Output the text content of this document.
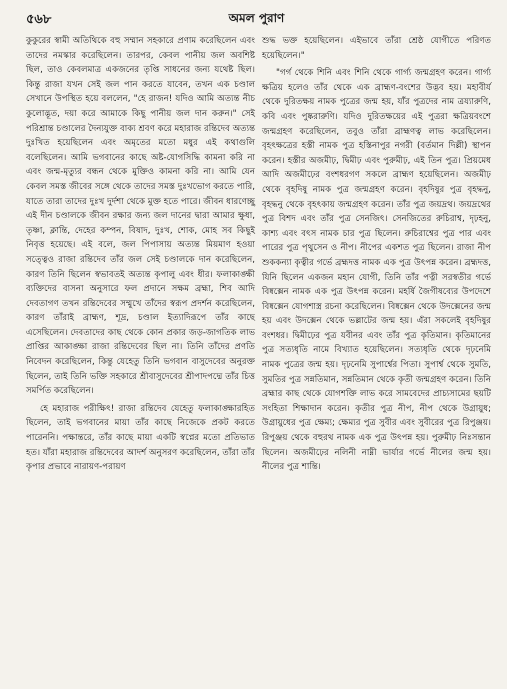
৫৬৮	অমল পুরাণ

কুকুরের স্বামী অতিথিকে বহু সম্মান সহকারে প্রণাম করেছিলেন এবং তাদের নমস্কার করেছিলেন। তারপর, কেবল পানীয় জল অবশিষ্ট ছিল, তাও কেবলমাত্র একজনের তৃপ্তি সাধনের জন্য যথেষ্ট ছিল। কিন্তু রাজা যখন সেই জল পান করতে যাবেন, তখন এক চণ্ডাল সেখানে উপস্থিত হয়ে বললেন, "হে রাজন! যদিও আমি অত্যন্ত নীচ কুলোদ্ভূত, দয়া করে আমাকে কিছু পানীয় জল দান করুন।" সেই পরিশ্রান্ত চণ্ডালের দৈন্যযুক্ত বাক্য শ্রবণ করে মহারাজ রন্তিদেব অত্যন্ত দুঃখিত হয়েছিলেন এবং অমৃতের মতো মধুর এই কথাগুলি বলেছিলেন। আমি ভগবানের কাছে অষ্ট-যোগসিদ্ধি কামনা করি না এবং জন্ম-মৃত্যুর বন্ধন থেকে মুক্তিও কামনা করি না। আমি যেন কেবল সমস্ত জীবের সঙ্গে থেকে তাদের সমস্ত দুঃখভোগ করতে পারি, যাতে তারা তাদের দুঃখ দুর্দশা থেকে মুক্ত হতে পারে। জীবন ধারণেচ্ছু এই দীন চণ্ডালকে জীবন রক্ষার জন্য জল দানের দ্বারা আমার ক্ষুধা, তৃষ্ণা, ক্লান্তি, দেহের কম্পন, বিষাদ, দুঃখ, শোক, মোহ সব কিছুই নিবৃত্ত হয়েছে। এই বলে, জল পিপাসায় অত্যন্ত মিয়মাণ হওয়া সত্ত্বেও রাজা রন্তিদেব তাঁর জল সেই চণ্ডালকে দান করেছিলেন, কারণ তিনি ছিলেন স্বভাবতই অত্যন্ত কৃপালু এবং ধীর। ফলাকাঙ্ক্ষী ব্যক্তিদের বাসনা অনুসারে ফল প্রদানে সক্ষম ব্রহ্মা, শিব আদি দেবতাগণ তখন রন্তিদেবের সম্মুখে তাঁদের স্বরূপ প্রদর্শন করেছিলেন, কারণ তাঁরাই ব্রাহ্মণ, শূদ্র, চণ্ডাল ইত্যাদিরূপে তাঁর কাছে এসেছিলেন। দেবতাদের কাছ থেকে কোন প্রকার জড়-জাগতিক লাভ প্রাপ্তির আকাঙ্ক্ষা রাজা রন্তিদেবের ছিল না। তিনি তাঁদের প্রণতি নিবেদন করেছিলেন, কিন্তু যেহেতু তিনি ভগবান বাসুদেবের অনুরক্ত ছিলেন, তাই তিনি ভক্তি সহকারে শ্রীবাসুদেবের শ্রীপাদপদ্মে তাঁর চিত্ত সমর্পিত করেছিলেন।

হে মহারাজ পরীক্ষিৎ! রাজা রন্তিদেব যেহেতু ফলাকাঙ্ক্ষারহিত ছিলেন, তাই ভগবানের মায়া তাঁর কাছে নিজেকে প্রকট করতে পারেননি। পক্ষান্তরে, তাঁর কাছে মায়া একটি স্বপ্নের মতো প্রতিভাত হত। যাঁরা মহারাজ রন্তিদেবের আদর্শ অনুসরণ করেছিলেন, তাঁরা তাঁর কৃপার প্রভাবে নারায়ণ-পরায়ণ

শুদ্ধ ভক্ত হয়েছিলেন। এইভাবে তাঁরা শ্রেষ্ঠ যোগীতে পরিণত হয়েছিলেন।"

"গর্গ থেকে শিনি এবং শিনি থেকে গার্গ্য জন্মগ্রহণ করেন। গার্গ্য ক্ষত্রিয় হলেও তাঁর থেকে এক ব্রাহ্মণ-বংশের উদ্ভব হয়। মহাবীর্য থেকে দুরিতক্ষয় নামক পুত্রের জন্ম হয়, যাঁর পুত্রদের নাম ত্রয্যারুণি, কবি এবং পুষ্করারুণি। যদিও দুরিতক্ষয়ের এই পুত্ররা ক্ষত্রিয়বংশে জন্মগ্রহণ করেছিলেন, তবুও তাঁরা ব্রাহ্মণত্ব লাভ করেছিলেন। বৃহৎক্ষত্রের হস্তী নামক পুত্র হস্তিনাপুর নগরী (বর্তমান দিল্লী) স্থাপন করেন। হস্তীর অজমীঢ়, দ্বিমীঢ় এবং পুরুমীঢ়, এই তিন পুত্র। প্রিয়মেধ আদি অজমীঢ়ের বংশধরগণ সকলে ব্রাহ্মণ হয়েছিলেন। অজমীঢ় থেকে বৃহদিষু নামক পুত্র জন্মগ্রহণ করেন। বৃহদিষুর পুত্র বৃহদ্ধনু, বৃহদ্ধনু থেকে বৃহৎকায় জন্মগ্রহণ করেন। তাঁর পুত্র জয়দ্রথ। জয়দ্রথের পুত্র বিশদ এবং তাঁর পুত্র সেনজিৎ। সেনজিতের রুচিরাশ্ব, দৃঢ়হনু, কাশ্য এবং বৎস নামক চার পুত্র ছিলেন। রুচিরাশ্বের পুত্র পার এবং পারের পুত্র পৃথুসেন ও নীপ। নীপের একশত পুত্র ছিলেন। রাজা নীপ শুককন্যা কৃত্বীর গর্ভে ব্রহ্মদত্ত নামক এক পুত্র উৎপন্ন করেন। ব্রহ্মদত্ত, যিনি ছিলেন একজন মহান যোগী, তিনি তাঁর পত্নী সরস্বতীর গর্ভে বিষ্বক্সেন নামক এক পুত্র উৎপন্ন করেন। মহর্ষি জৈগীষব্যের উপদেশে বিষ্বক্সেন যোগশাস্ত্র রচনা করেছিলেন। বিষ্বক্সেন থেকে উদক্সেনের জন্ম হয় এবং উদক্সেন থেকে ভল্লাটের জন্ম হয়। এঁরা সকলেই বৃহদিষুর বংশধর। দ্বিমীঢ়ের পুত্র যবীনর এবং তাঁর পুত্র কৃতিমান। কৃতিমানের পুত্র সত্যধৃতি নামে বিখ্যাত হয়েছিলেন। সত্যধৃতি থেকে দৃঢ়নেমি নামক পুত্রের জন্ম হয়। দৃঢ়নেমি সুপার্শ্বের পিতা। সুপার্শ্ব থেকে সুমতি, সুমতির পুত্র সন্নতিমান, সন্নতিমান থেকে কৃতী জন্মগ্রহণ করেন। তিনি ব্রহ্মার কাছ থেকে যোগশক্তি লাভ করে সামবেদের প্রাচ্যসামের ছয়টি সংহিতা শিক্ষাদান করেন। কৃতীর পুত্র নীপ, নীপ থেকে উগ্রায়ুধ; উগ্রায়ুধের পুত্র ক্ষেম্য; ক্ষেম্যর পুত্র সুবীর এবং সুবীরের পুত্র রিপুঞ্জয়। রিপুঞ্জয় থেকে বহুরথ নামক এক পুত্র উৎপন্ন হয়। পুরুমীঢ় নিঃসন্তান ছিলেন। অজমীঢ়ের নলিনী নাম্নী ভার্যার গর্ভে নীলের জন্ম হয়। নীলের পুত্র শান্তি।
